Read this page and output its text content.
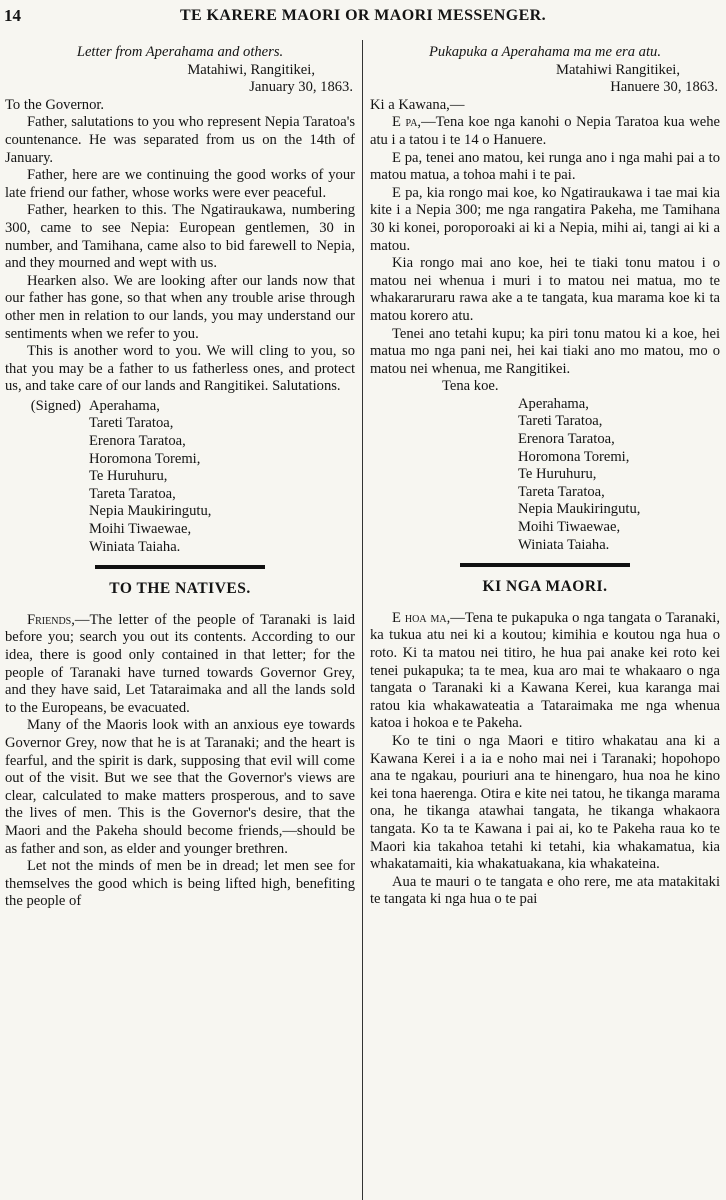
14	TE KARERE MAORI OR MAORI MESSENGER.

Letter from Aperahama and others.

Matahiwi, Rangitikei,

January 30, 1863.

To the Governor.

Father, salutations to you who represent Nepia Taratoa's countenance. He was separated from us on the 14th of January.

Father, here are we continuing the good works of your late friend our father, whose works were ever peaceful.

Father, hearken to this. The Ngatiraukawa, numbering 300, came to see Nepia: European gentlemen, 30 in number, and Tamihana, came also to bid farewell to Nepia, and they mourned and wept with us.

Hearken also. We are looking after our lands now that our father has gone, so that when any trouble arise through other men in relation to our lands, you may understand our sentiments when we refer to you.

This is another word to you. We will cling to you, so that you may be a father to us fatherless ones, and protect us, and take care of our lands and Rangitikei. Salutations.

(Signed) Aperahama,
Tareti Taratoa,
Erenora Taratoa,
Horomona Toremi,
Te Huruhuru,
Tareta Taratoa,
Nepia Maukiringutu,
Moihi Tiwaewae,
Winiata Taiaha.
TO THE NATIVES.

Friends,—The letter of the people of Taranaki is laid before you; search you out its contents. According to our idea, there is good only contained in that letter; for the people of Taranaki have turned towards Governor Grey, and they have said, Let Tataraimaka and all the lands sold to the Europeans, be evacuated.

Many of the Maoris look with an anxious eye towards Governor Grey, now that he is at Taranaki; and the heart is fearful, and the spirit is dark, supposing that evil will come out of the visit. But we see that the Governor's views are clear, calculated to make matters prosperous, and to save the lives of men. This is the Governor's desire, that the Maori and the Pakeha should become friends,—should be as father and son, as elder and younger brethren.

Let not the minds of men be in dread; let men see for themselves the good which is being lifted high, benefiting the people of

Pukapuka a Aperahama ma me era atu.

Matahiwi Rangitikei,

Hanuere 30, 1863.

Ki a Kawana,—

E pa,—Tena koe nga kanohi o Nepia Taratoa kua wehe atu i a tatou i te 14 o Hanuere.

E pa, tenei ano matou, kei runga ano i nga mahi pai a to matou matua, a tohoa mahi i te pai.

E pa, kia rongo mai koe, ko Ngatiraukawa i tae mai kia kite i a Nepia 300; me nga rangatira Pakeha, me Tamihana 30 ki konei, poroporoaki ai ki a Nepia, mihi ai, tangi ai ki a matou.

Kia rongo mai ano koe, hei te tiaki tonu matou i o matou nei whenua i muri i to matou nei matua, mo te whakararuraru rawa ake a te tangata, kua marama koe ki ta matou korero atu.

Tenei ano tetahi kupu; ka piri tonu matou ki a koe, hei matua mo nga pani nei, hei kai tiaki ano mo matou, mo o matou nei whenua, me Rangitikei.

Tena koe.

Aperahama,
Tareti Taratoa,
Erenora Taratoa,
Horomona Toremi,
Te Huruhuru,
Tareta Taratoa,
Nepia Maukiringutu,
Moihi Tiwaewae,
Winiata Taiaha.
KI NGA MAORI.

E hoa ma,—Tena te pukapuka o nga tangata o Taranaki, ka tukua atu nei ki a koutou; kimihia e koutou nga hua o roto. Ki ta matou nei titiro, he hua pai anake kei roto kei tenei pukapuka; ta te mea, kua aro mai te whakaaro o nga tangata o Taranaki ki a Kawana Kerei, kua karanga mai ratou kia whakawateatia a Tataraimaka me nga whenua katoa i hokoa e te Pakeha.

Ko te tini o nga Maori e titiro whakatau ana ki a Kawana Kerei i a ia e noho mai nei i Taranaki; hopohopo ana te ngakau, pouriuri ana te hinengaro, hua noa he kino kei tona haerenga. Otira e kite nei tatou, he tikanga marama ona, he tikanga atawhai tangata, he tikanga whakaora tangata. Ko ta te Kawana i pai ai, ko te Pakeha raua ko te Maori kia takahoa tetahi ki tetahi, kia whakamatua, kia whakatamaiti, kia whakatuakana, kia whakateina.

Aua te mauri o te tangata e oho rere, me ata matakitaki te tangata ki nga hua o te pai
